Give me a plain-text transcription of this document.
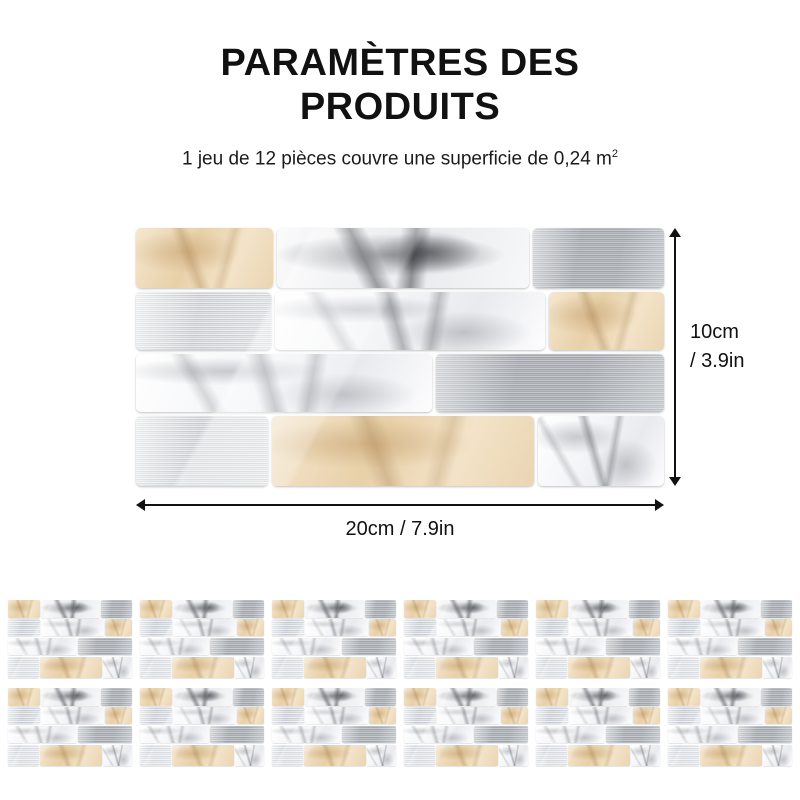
PARAMÈTRES DES
PRODUITS
1 jeu de 12 pièces couvre une superficie de 0,24 $m^2$
10cm
/ 3.9in
20cm / 7.9in
